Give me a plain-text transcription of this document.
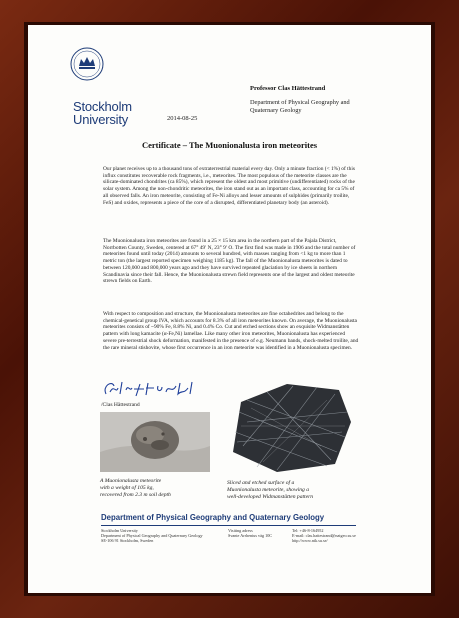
Stockholm
University	2014-08-25
Professor Clas Hättestrand
Department of Physical Geography and
Quaternary Geology
Certificate – The Muonionalusta iron meteorites

Our planet receives up to a thousand tons of extraterrestrial material every day. Only a minute fraction (< 1%) of this influx constitutes recoverable rock fragments, i.e., meteorites. The most populous of the meteorite classes are the silicate-dominated chondrites (ca 85%), which represent the oldest and most primitive (undifferentiated) rocks of the solar system. Among the non-chondritic meteorites, the iron stand out as an important class, accounting for ca 5% of all observed falls. An iron meteorite, consisting of Fe-Ni alloys and lesser amounts of sulphides (primarily troilite, FeS) and oxides, represents a piece of the core of a disrupted, differentiated planetary body (an asteroid).

The Muonionalusta iron meteorites are found in a 25 × 15 km area in the northern part of the Pajala District, Norrbotten County, Sweden, centered at 67° 49′ N, 23° 9′ O. The first find was made in 1906 and the total number of meteorites found until today (2014) amounts to several hundred, with masses ranging from <1 kg to more than 1 metric ton (the largest reported specimen weighing 1185 kg). The fall of the Muonionalusta meteorites is dated to between 120,000 and 800,000 years ago and they have survived repeated glaciation by ice sheets in northern Scandinavia since their fall. Hence, the Muonionalusta strewn field represents one of the largest and oldest meteorite strewn fields on Earth.

With respect to composition and structure, the Muonionalusta meteorites are fine octahedrites and belong to the chemical-genetical group IVA, which accounts for 8.3% of all iron meteorites known. On average, the Muonionalusta meteorites consists of ~90% Fe, 8.8% Ni, and 0.4% Co. Cut and etched sections show an exquisite Widmanstätten pattern with long kamacite (α-Fe,Ni) lamellae. Like many other iron meteorites, Muonionalusta has experienced severe pre-terrestrial shock deformation, manifested in the presence of e.g. Neumann bands, shock-melted troilite, and the rare mineral stishovite, whose first occurrence in an iron meteorite was identified in a Muonionalusta specimen.

/Clas Hättestrand
A Muonionalusta meteorite
with a weight of 105 kg,
recovered from 2.3 m soil depth
Sliced and etched surface of a
Muonionalusta meteorite, showing a
well-developed Widmanstätten pattern
Department of Physical Geography and Quaternary Geology
Stockholm University
Department of Physical Geography and Quaternary Geology
SE-106 91 Stockholm, Sweden
Visiting adress
Svante Arrhenius väg 10C
Tel: +46-8-164952
E-mail: clas.hattestrand@natgeo.su.se
http://www.nik.su.se/
